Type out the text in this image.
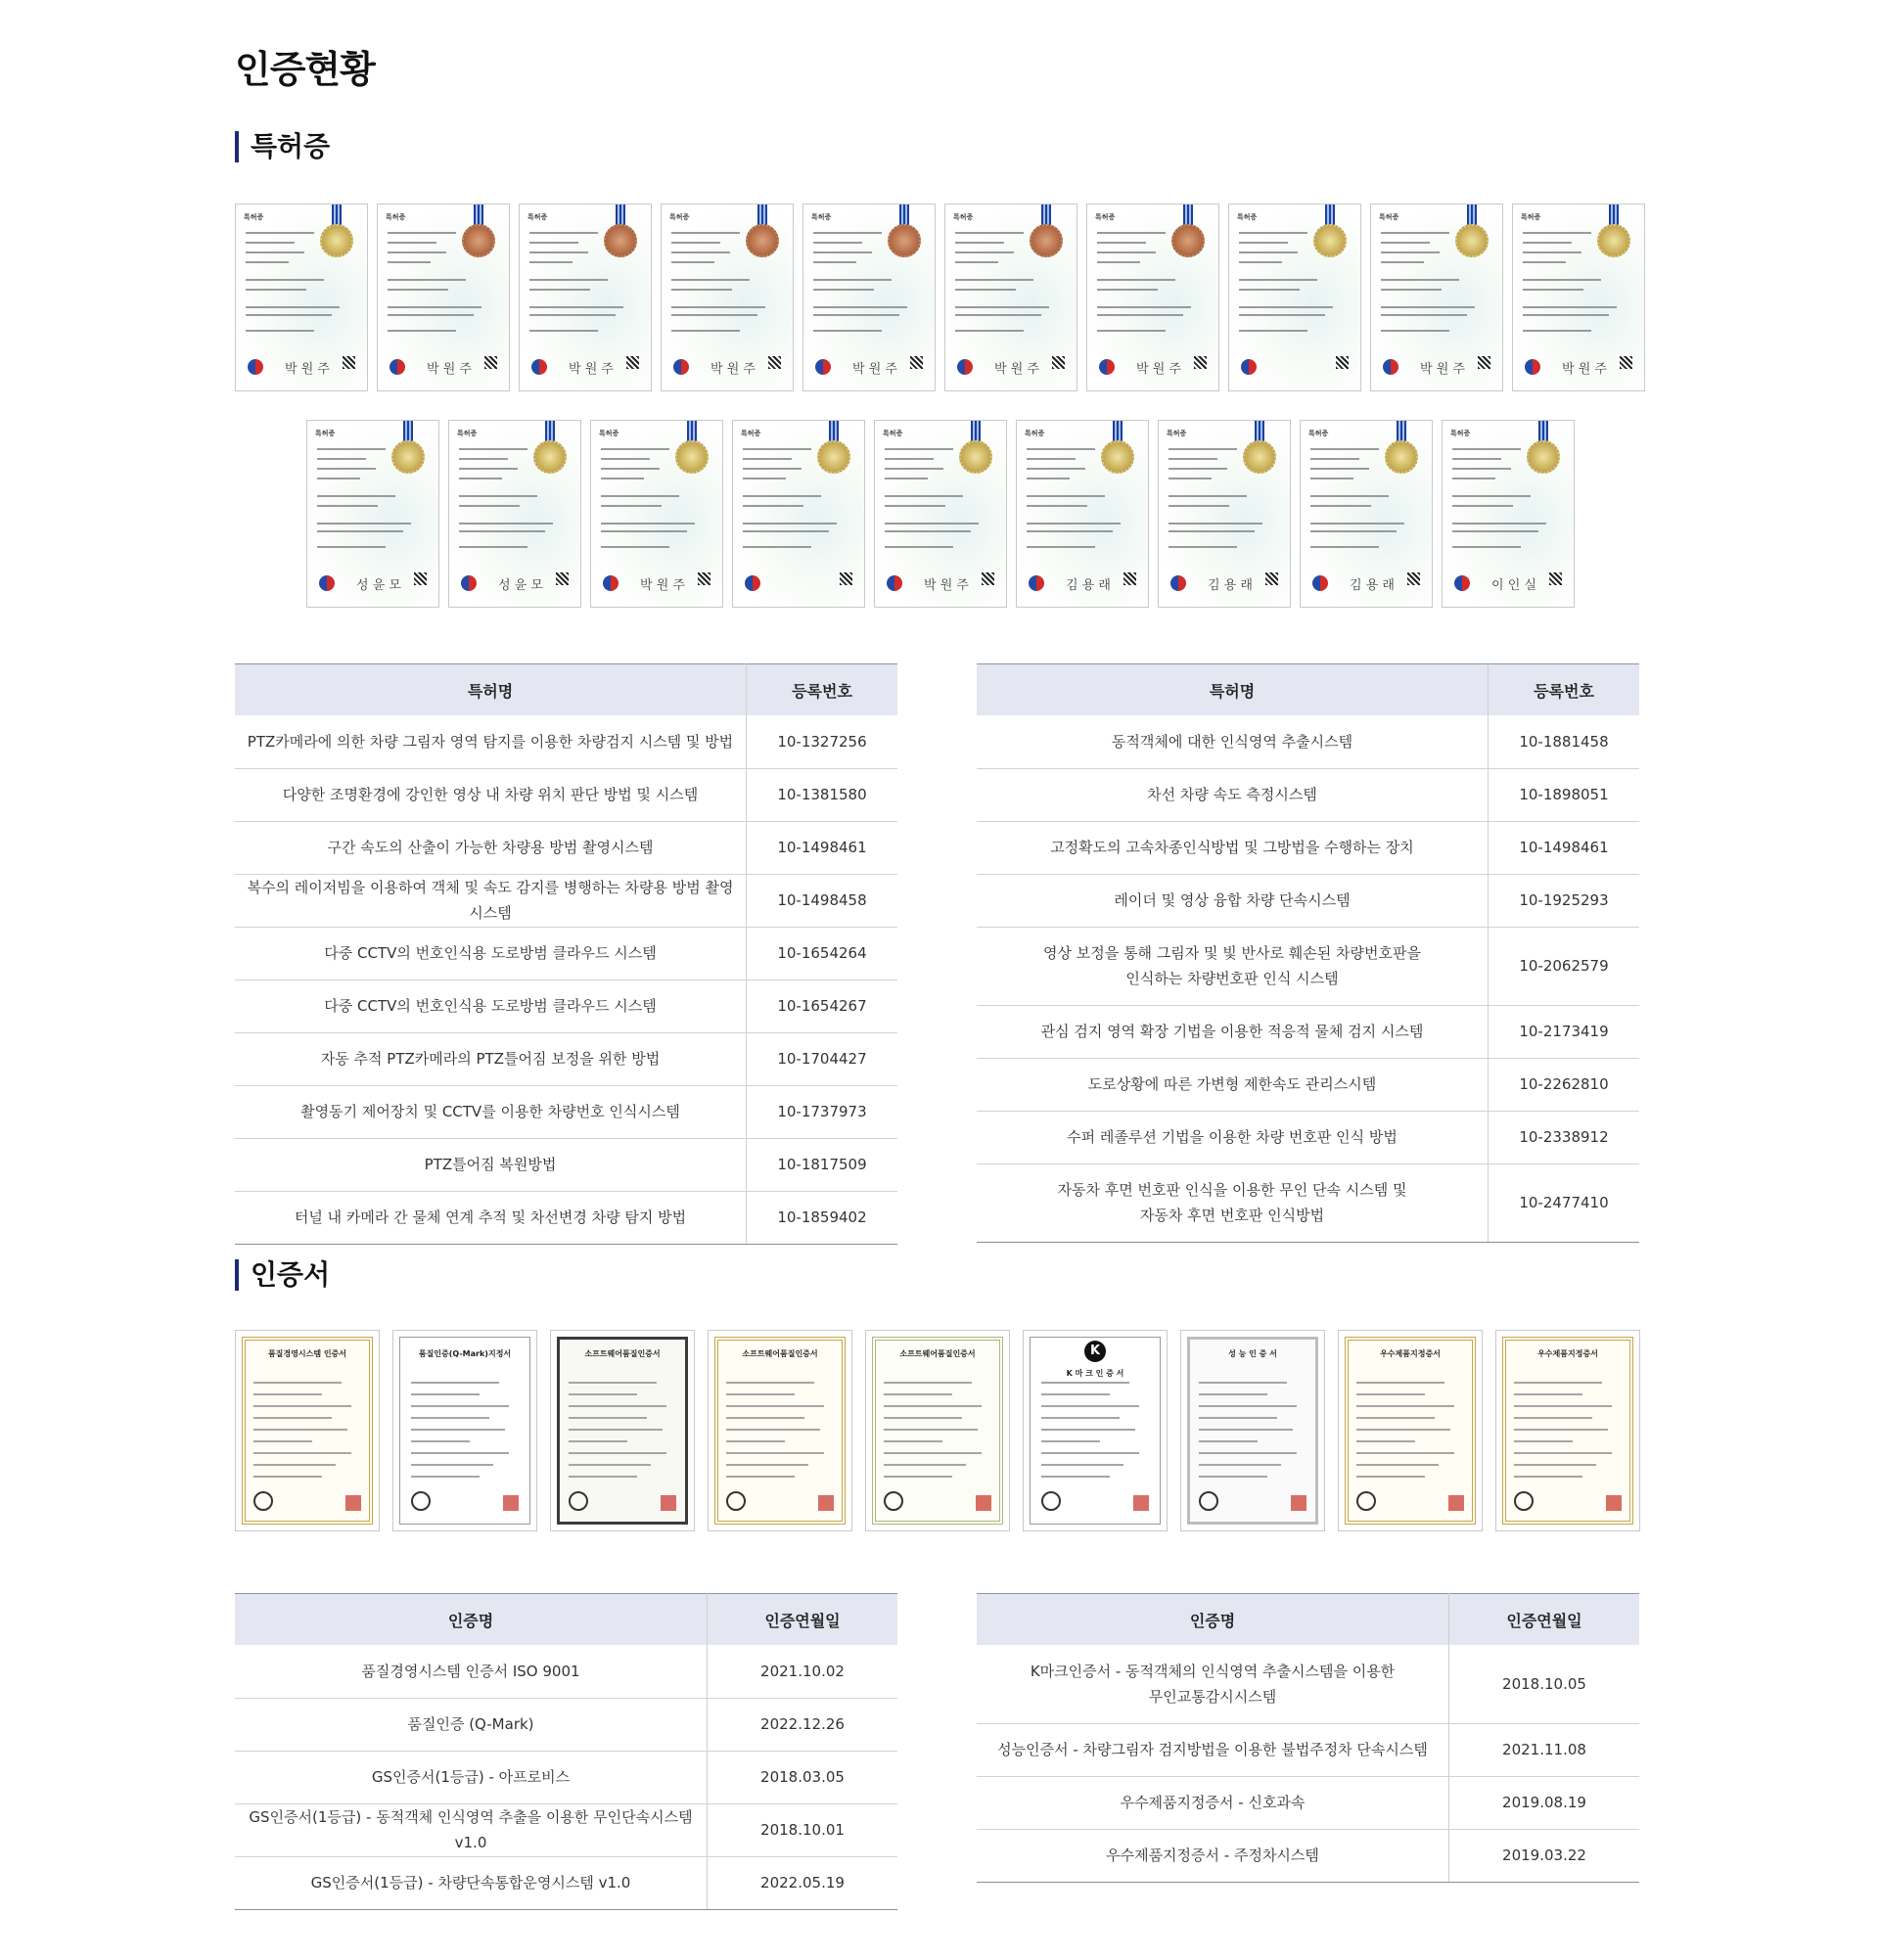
인증현황
특허증
특허증
박 원 주
특허증
박 원 주
특허증
박 원 주
특허증
박 원 주
특허증
박 원 주
특허증
박 원 주
특허증
박 원 주
특허증	특허증
박 원 주
특허증
박 원 주
특허증
성 윤 모
특허증
성 윤 모
특허증
박 원 주
특허증	특허증
박 원 주
특허증
김 용 래
특허증
김 용 래
특허증
김 용 래
특허증
이 인 실
특허명	등록번호
PTZ카메라에 의한 차량 그림자 영역 탐지를 이용한 차량검지 시스템 및 방법	10-1327256
다양한 조명환경에 강인한 영상 내 차량 위치 판단 방법 및 시스템	10-1381580
구간 속도의 산출이 가능한 차량용 방범 촬영시스템	10-1498461
복수의 레이저빔을 이용하여 객체 및 속도 감지를 병행하는 차량용 방범 촬영시스템	10-1498458
다중 CCTV의 번호인식용 도로방범 클라우드 시스템	10-1654264
다중 CCTV의 번호인식용 도로방범 클라우드 시스템	10-1654267
자동 추적 PTZ카메라의 PTZ틀어짐 보정을 위한 방법	10-1704427
촬영동기 제어장치 및 CCTV를 이용한 차량번호 인식시스템	10-1737973
PTZ틀어짐 복원방법	10-1817509
터널 내 카메라 간 물체 연계 추적 및 차선변경 차량 탐지 방법	10-1859402
특허명	등록번호
동적객체에 대한 인식영역 추출시스템	10-1881458
차선 차량 속도 측정시스템	10-1898051
고정확도의 고속차종인식방법 및 그방법을 수행하는 장치	10-1498461
레이더 및 영상 융합 차량 단속시스템	10-1925293
영상 보정을 통해 그림자 및 빛 반사로 훼손된 차량번호판을
인식하는 차량번호판 인식 시스템	10-2062579
관심 검지 영역 확장 기법을 이용한 적응적 물체 검지 시스템	10-2173419
도로상황에 따른 가변형 제한속도 관리스시템	10-2262810
수퍼 레졸루션 기법을 이용한 차량 번호판 인식 방법	10-2338912
자동차 후면 번호판 인식을 이용한 무인 단속 시스템 및
자동차 후면 번호판 인식방법	10-2477410
인증서
품질경영시스템 인증서	품질인증(Q-Mark)지정서	소프트웨어품질인증서	소프트웨어품질인증서	소프트웨어품질인증서	K
K 마 크 인 증 서
성 능 인 증 서	우수제품지정증서	우수제품지정증서
인증명	인증연월일
품질경영시스템 인증서 ISO 9001	2021.10.02
품질인증 (Q-Mark)	2022.12.26
GS인증서(1등급) - 아프로비스	2018.03.05
GS인증서(1등급) - 동적객체 인식영역 추출을 이용한 무인단속시스템 v1.0	2018.10.01
GS인증서(1등급) - 차량단속통합운영시스템 v1.0	2022.05.19
인증명	인증연월일
K마크인증서 - 동적객체의 인식영역 추출시스템을 이용한
무인교통감시시스템	2018.10.05
성능인증서 - 차량그림자 검지방법을 이용한 불법주정차 단속시스템	2021.11.08
우수제품지정증서 - 신호과속	2019.08.19
우수제품지정증서 - 주정차시스템	2019.03.22
